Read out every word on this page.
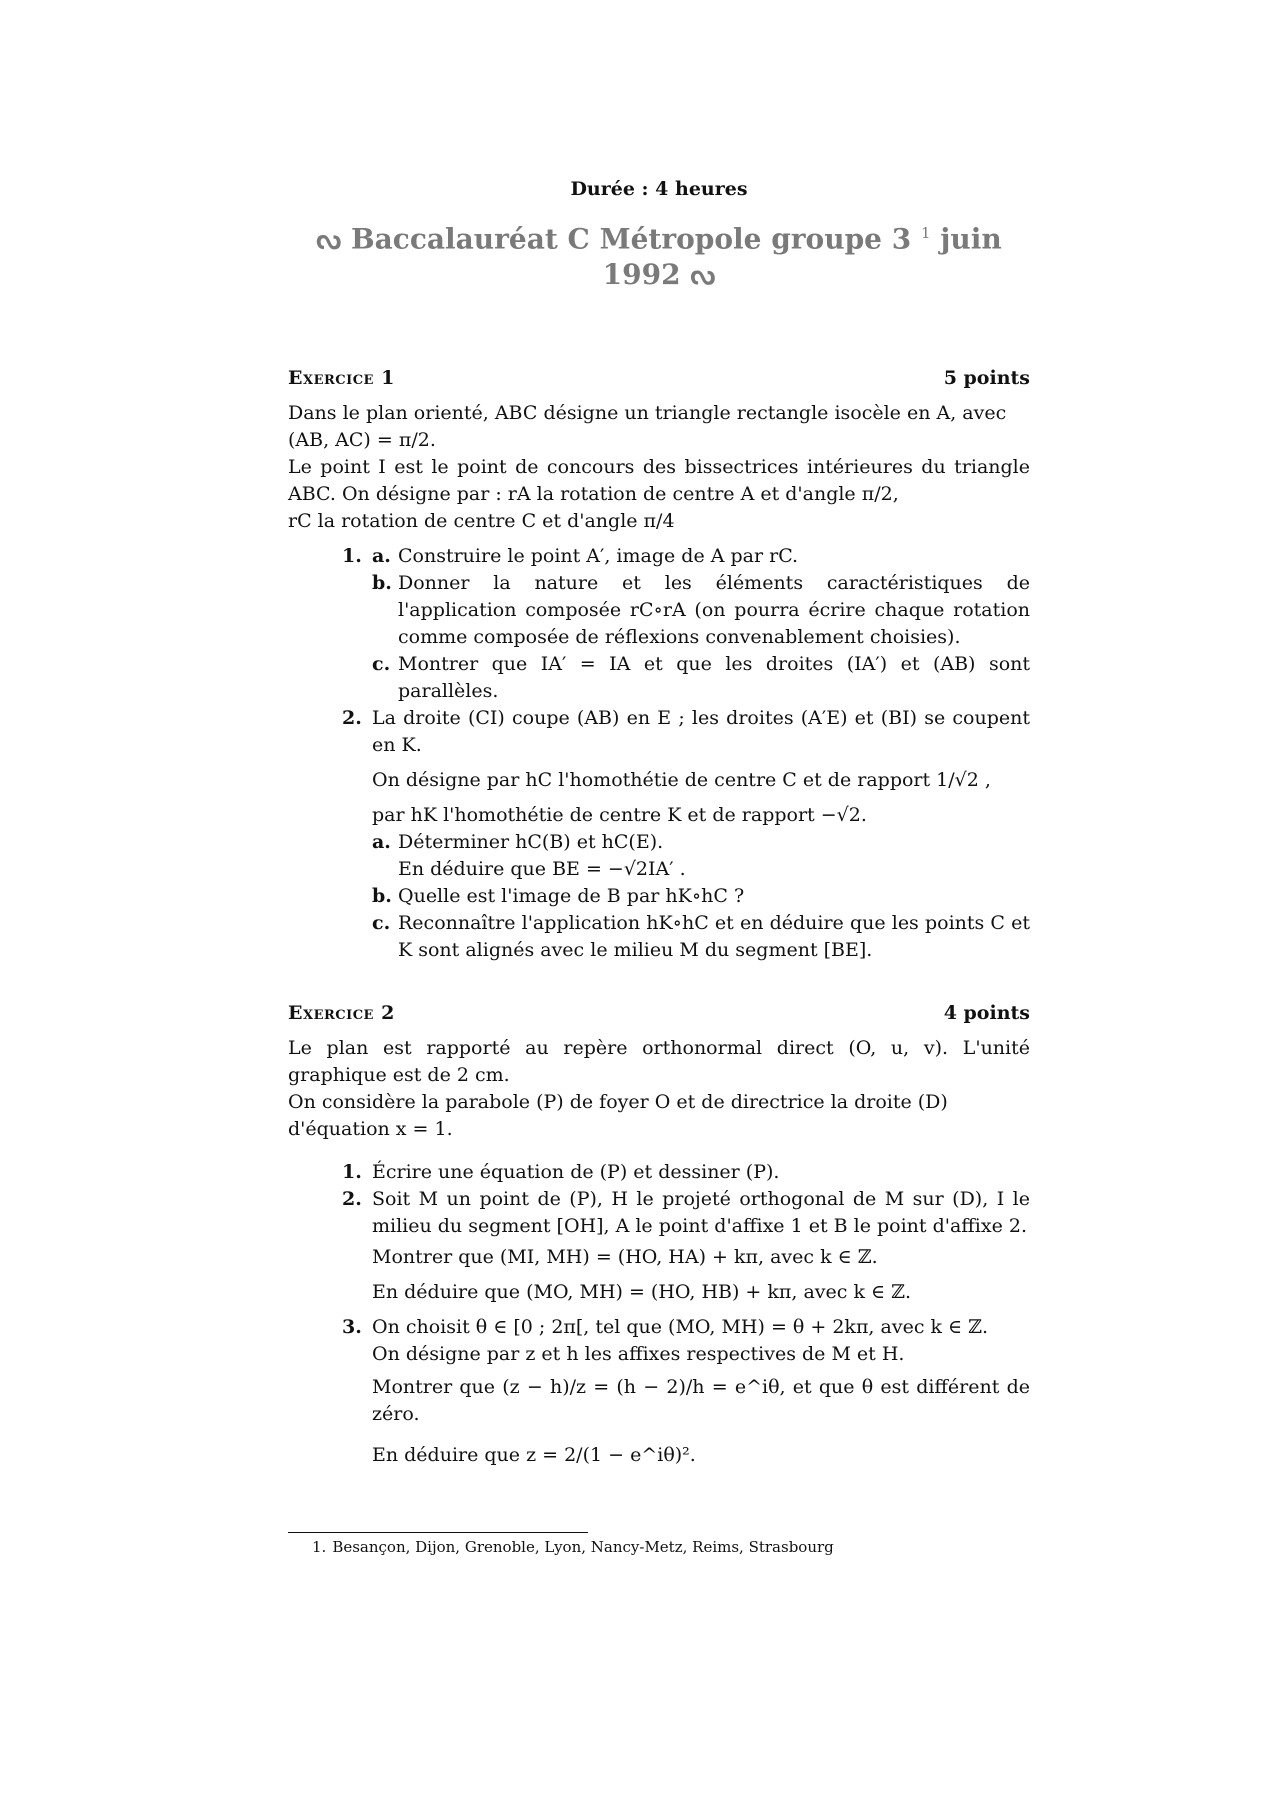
Durée : 4 heures
ᔓ Baccalauréat C Métropole groupe 3 $^1$ juin 1992 ᔓ
Exercice 1	5 points

Dans le plan orienté, ABC désigne un triangle rectangle isocèle en A, avec

(AB, AC) = π/2.

Le point I est le point de concours des bissectrices intérieures du triangle ABC. On désigne par : rA la rotation de centre A et d'angle π/2,

rC la rotation de centre C et d'angle π/4

1. a. Construire le point A′, image de A par rC.
b. Donner la nature et les éléments caractéristiques de l'application composée rC∘rA (on pourra écrire chaque rotation comme composée de réflexions convenablement choisies).
c. Montrer que IA′ = IA et que les droites (IA′) et (AB) sont parallèles.
2. La droite (CI) coupe (AB) en E ; les droites (A′E) et (BI) se coupent en K.

On désigne par hC l'homothétie de centre C et de rapport 1/√2 ,

par hK l'homothétie de centre K et de rapport −√2.

a. Déterminer hC(B) et hC(E).
En déduire que BE = −√2IA′ .
b. Quelle est l'image de B par hK∘hC ?
c. Reconnaître l'application hK∘hC et en déduire que les points C et K sont alignés avec le milieu M du segment [BE].
Exercice 2	4 points

Le plan est rapporté au repère orthonormal direct (O, u, v). L'unité graphique est de 2 cm.

On considère la parabole (P) de foyer O et de directrice la droite (D) d'équation x = 1.

1. Écrire une équation de (P) et dessiner (P).
2. Soit M un point de (P), H le projeté orthogonal de M sur (D), I le milieu du segment [OH], A le point d'affixe 1 et B le point d'affixe 2.

Montrer que (MI, MH) = (HO, HA) + kπ, avec k ∈ ℤ.

En déduire que (MO, MH) = (HO, HB) + kπ, avec k ∈ ℤ.

3. On choisit θ ∈ [0 ; 2π[, tel que (MO, MH) = θ + 2kπ, avec k ∈ ℤ.

On désigne par z et h les affixes respectives de M et H.

Montrer que (z − h)/z = (h − 2)/h = e^iθ, et que θ est différent de zéro.

En déduire que z = 2/(1 − e^iθ)².

1. Besançon, Dijon, Grenoble, Lyon, Nancy-Metz, Reims, Strasbourg
